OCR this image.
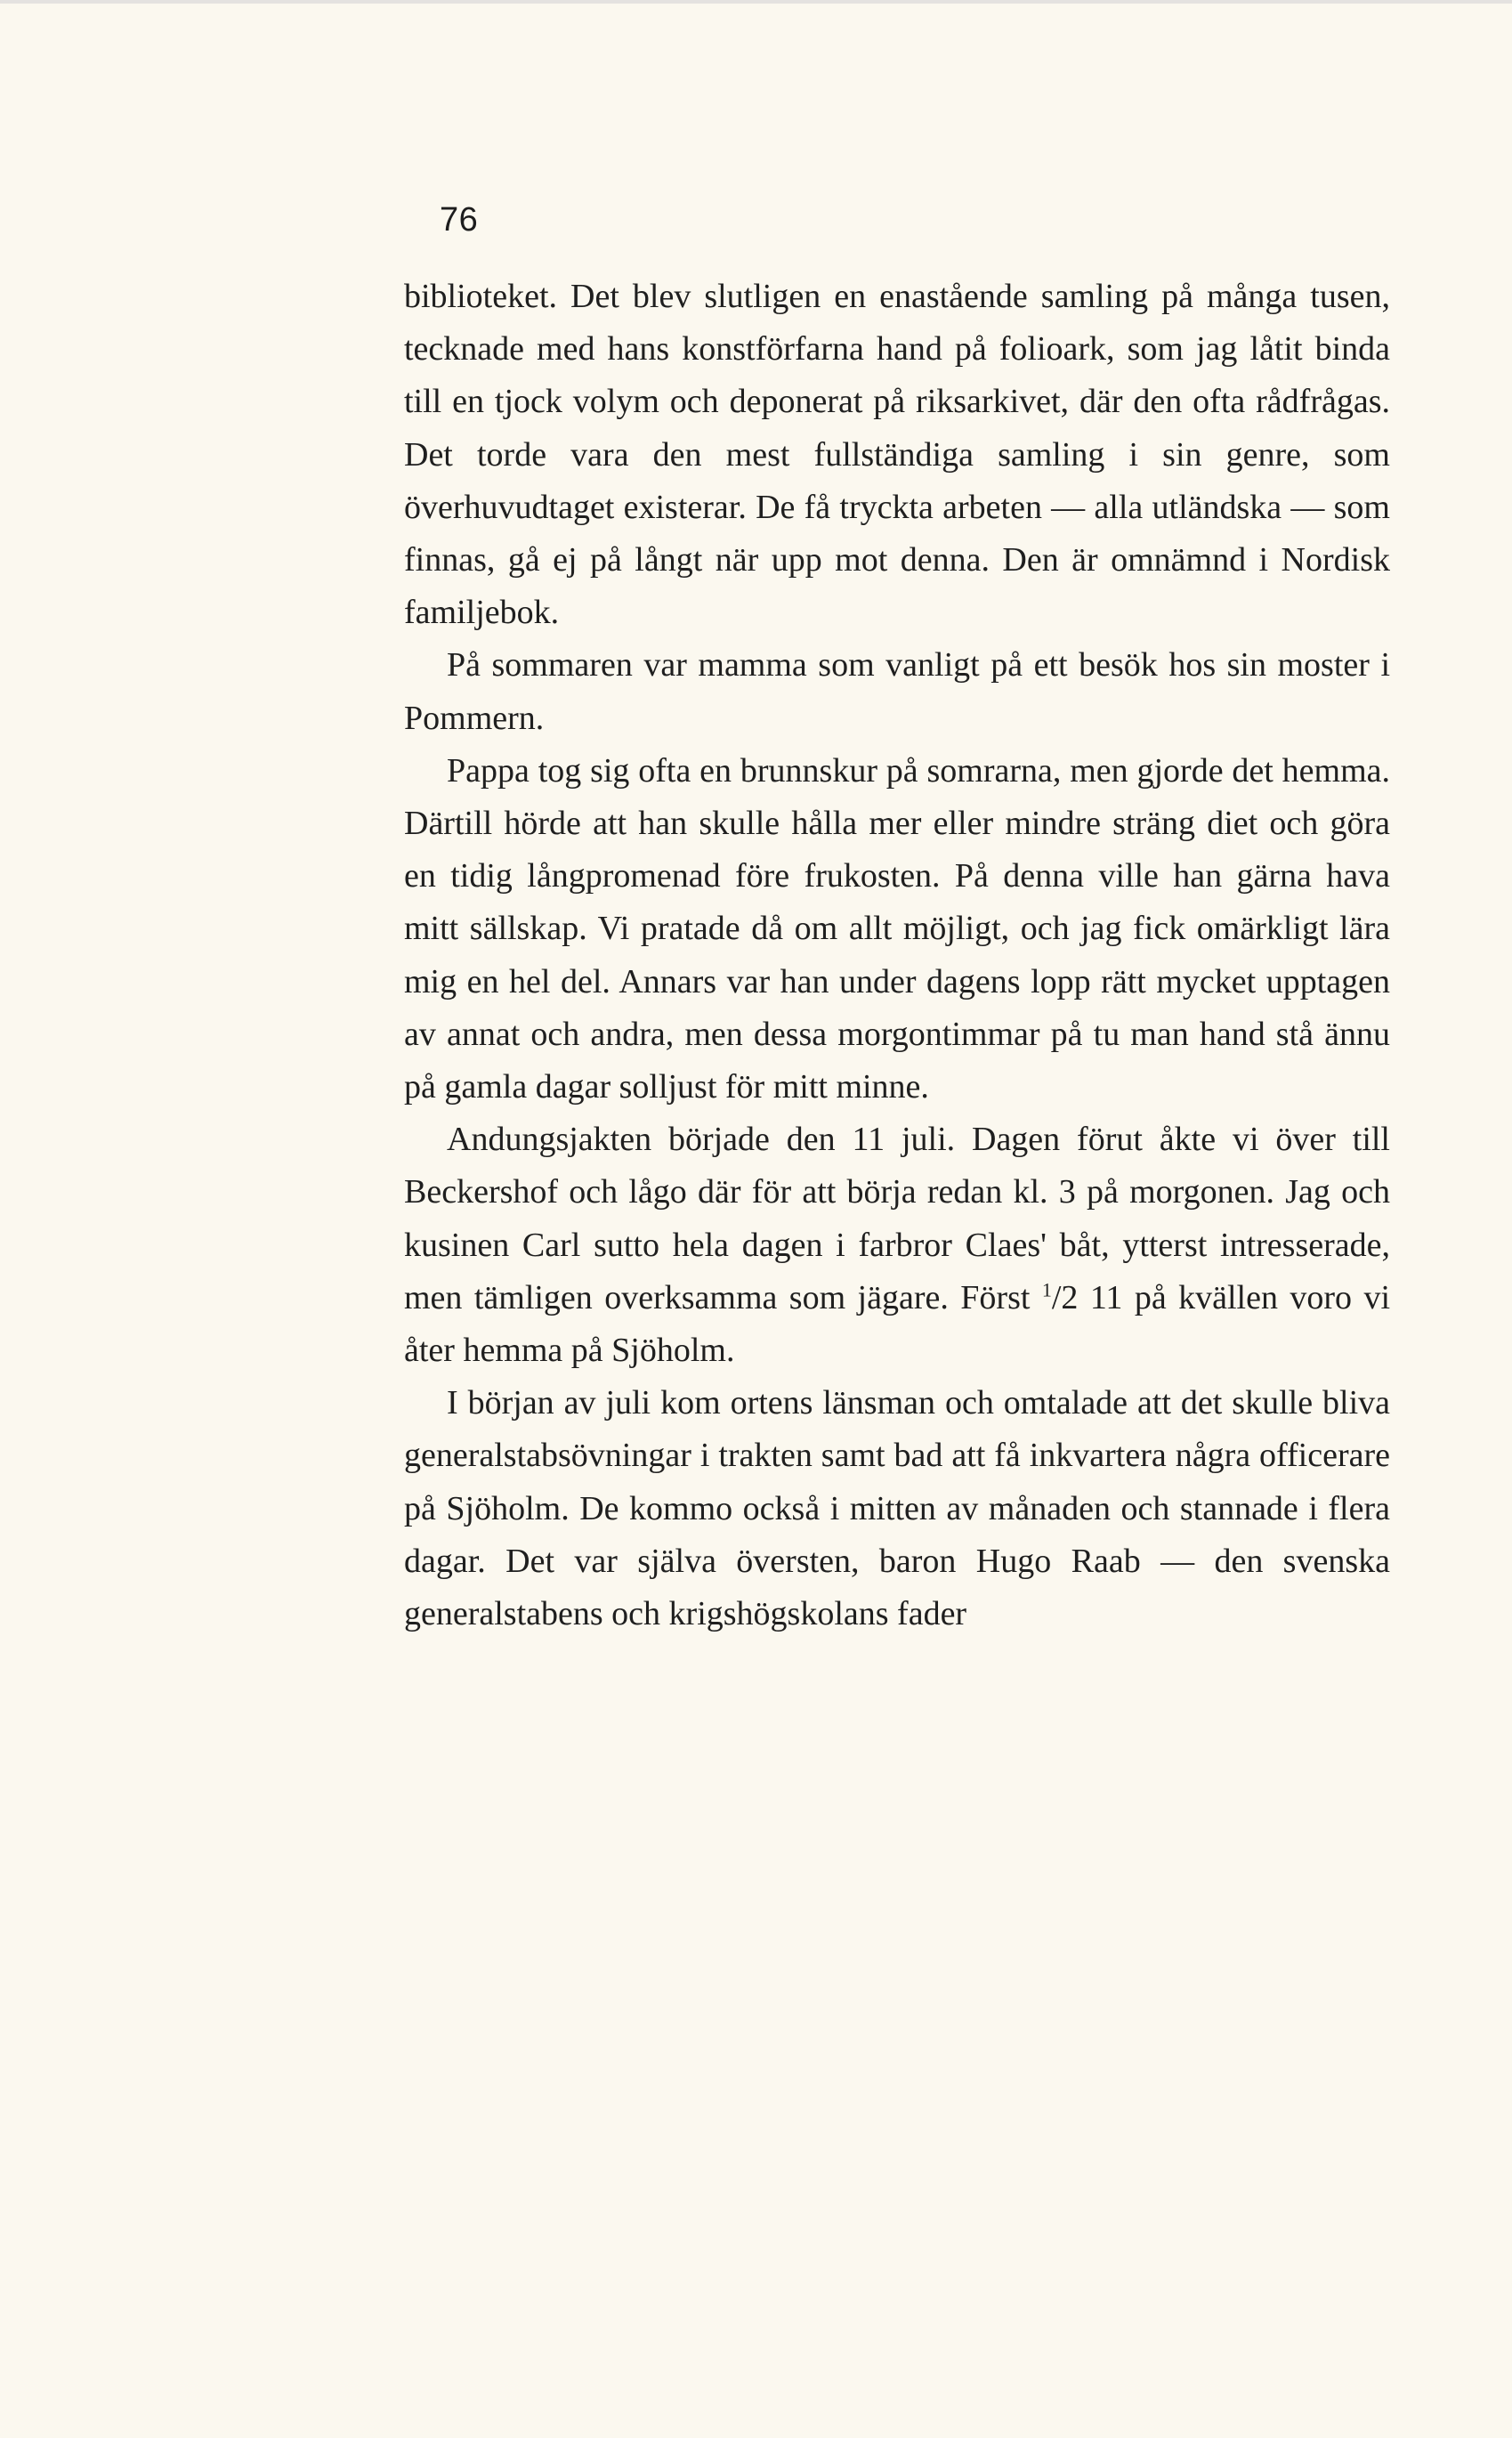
76

biblioteket. Det blev slutligen en enastående samling på många tusen, tecknade med hans konstförfarna hand på folioark, som jag låtit binda till en tjock volym och deponerat på riksarkivet, där den ofta rådfrågas. Det torde vara den mest fullständiga samling i sin genre, som överhuvudtaget existerar. De få tryckta arbeten — alla utländska — som finnas, gå ej på långt när upp mot denna. Den är omnämnd i Nordisk familjebok.

På sommaren var mamma som vanligt på ett besök hos sin moster i Pommern.

Pappa tog sig ofta en brunnskur på somrarna, men gjorde det hemma. Därtill hörde att han skulle hålla mer eller mindre sträng diet och göra en tidig långpromenad före frukosten. På denna ville han gärna hava mitt sällskap. Vi pratade då om allt möjligt, och jag fick omärkligt lära mig en hel del. Annars var han under dagens lopp rätt mycket upptagen av annat och andra, men dessa morgontimmar på tu man hand stå ännu på gamla dagar solljust för mitt minne.

Andungsjakten började den 11 juli. Dagen förut åkte vi över till Beckershof och lågo där för att börja redan kl. 3 på morgonen. Jag och kusinen Carl sutto hela dagen i farbror Claes' båt, ytterst intresserade, men tämligen overksamma som jägare. Först $^1$/2 11 på kvällen voro vi åter hemma på Sjöholm.

I början av juli kom ortens länsman och omtalade att det skulle bliva generalstabsövningar i trakten samt bad att få inkvartera några officerare på Sjöholm. De kommo också i mitten av månaden och stannade i flera dagar. Det var själva översten, baron Hugo Raab — den svenska generalstabens och krigshögskolans fader
